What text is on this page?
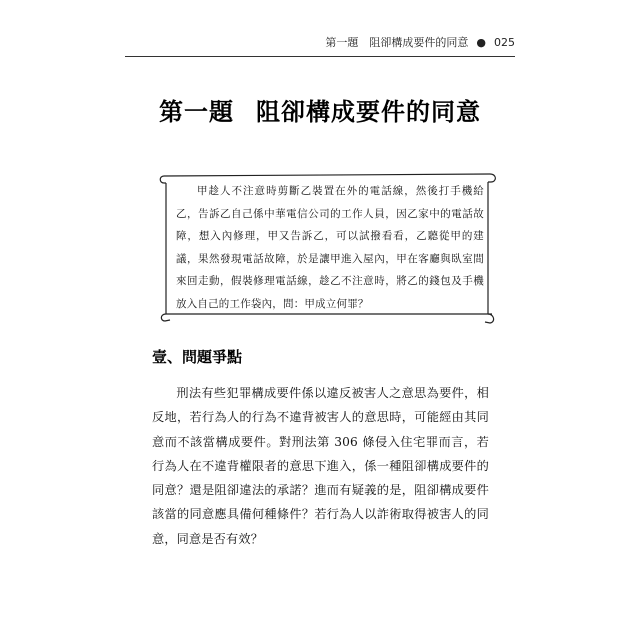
第一題　阻卻構成要件的同意 ● 025
第一題 阻卻構成要件的同意
甲趁人不注意時剪斷乙裝置在外的電話線，然後打手機給乙，告訴乙自己係中華電信公司的工作人員，因乙家中的電話故障，想入內修理，甲又告訴乙，可以試撥看看，乙聽從甲的建議，果然發現電話故障，於是讓甲進入屋內，甲在客廳與臥室間來回走動，假裝修理電話線，趁乙不注意時，將乙的錢包及手機放入自己的工作袋內，問：甲成立何罪？
壹、問題爭點
刑法有些犯罪構成要件係以違反被害人之意思為要件，相反地，若行為人的行為不違背被害人的意思時，可能經由其同意而不該當構成要件。對刑法第 306 條侵入住宅罪而言，若行為人在不違背權限者的意思下進入，係一種阻卻構成要件的同意？還是阻卻違法的承諾？進而有疑義的是，阻卻構成要件該當的同意應具備何種條件？若行為人以詐術取得被害人的同意，同意是否有效？
